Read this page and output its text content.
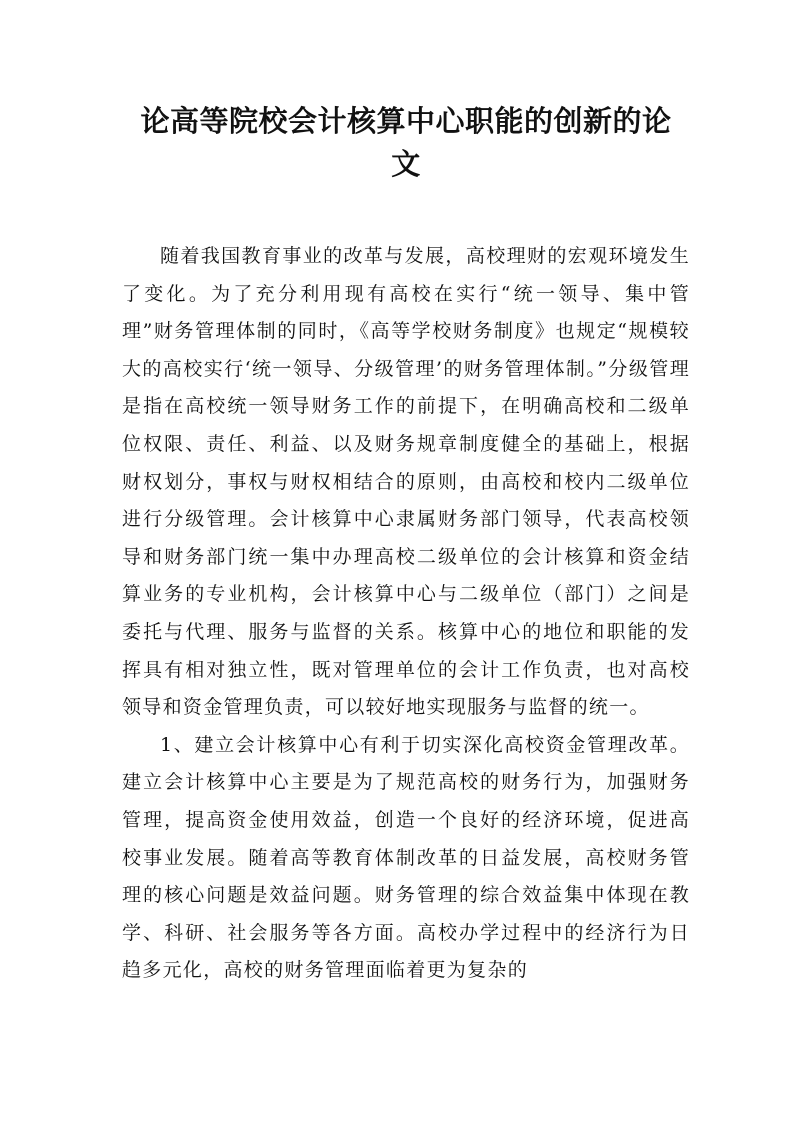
论高等院校会计核算中心职能的创新的论
文

随着我国教育事业的改革与发展，高校理财的宏观环境发生了变化。为了充分利用现有高校在实行“统一领导、集中管理”财务管理体制的同时，《高等学校财务制度》也规定“规模较大的高校实行‘统一领导、分级管理’的财务管理体制。”分级管理是指在高校统一领导财务工作的前提下，在明确高校和二级单位权限、责任、利益、以及财务规章制度健全的基础上，根据财权划分，事权与财权相结合的原则，由高校和校内二级单位进行分级管理。会计核算中心隶属财务部门领导，代表高校领导和财务部门统一集中办理高校二级单位的会计核算和资金结算业务的专业机构，会计核算中心与二级单位（部门）之间是委托与代理、服务与监督的关系。核算中心的地位和职能的发挥具有相对独立性，既对管理单位的会计工作负责，也对高校领导和资金管理负责，可以较好地实现服务与监督的统一。

1、建立会计核算中心有利于切实深化高校资金管理改革。建立会计核算中心主要是为了规范高校的财务行为，加强财务管理，提高资金使用效益，创造一个良好的经济环境，促进高校事业发展。随着高等教育体制改革的日益发展，高校财务管理的核心问题是效益问题。财务管理的综合效益集中体现在教学、科研、社会服务等各方面。高校办学过程中的经济行为日趋多元化，高校的财务管理面临着更为复杂的
